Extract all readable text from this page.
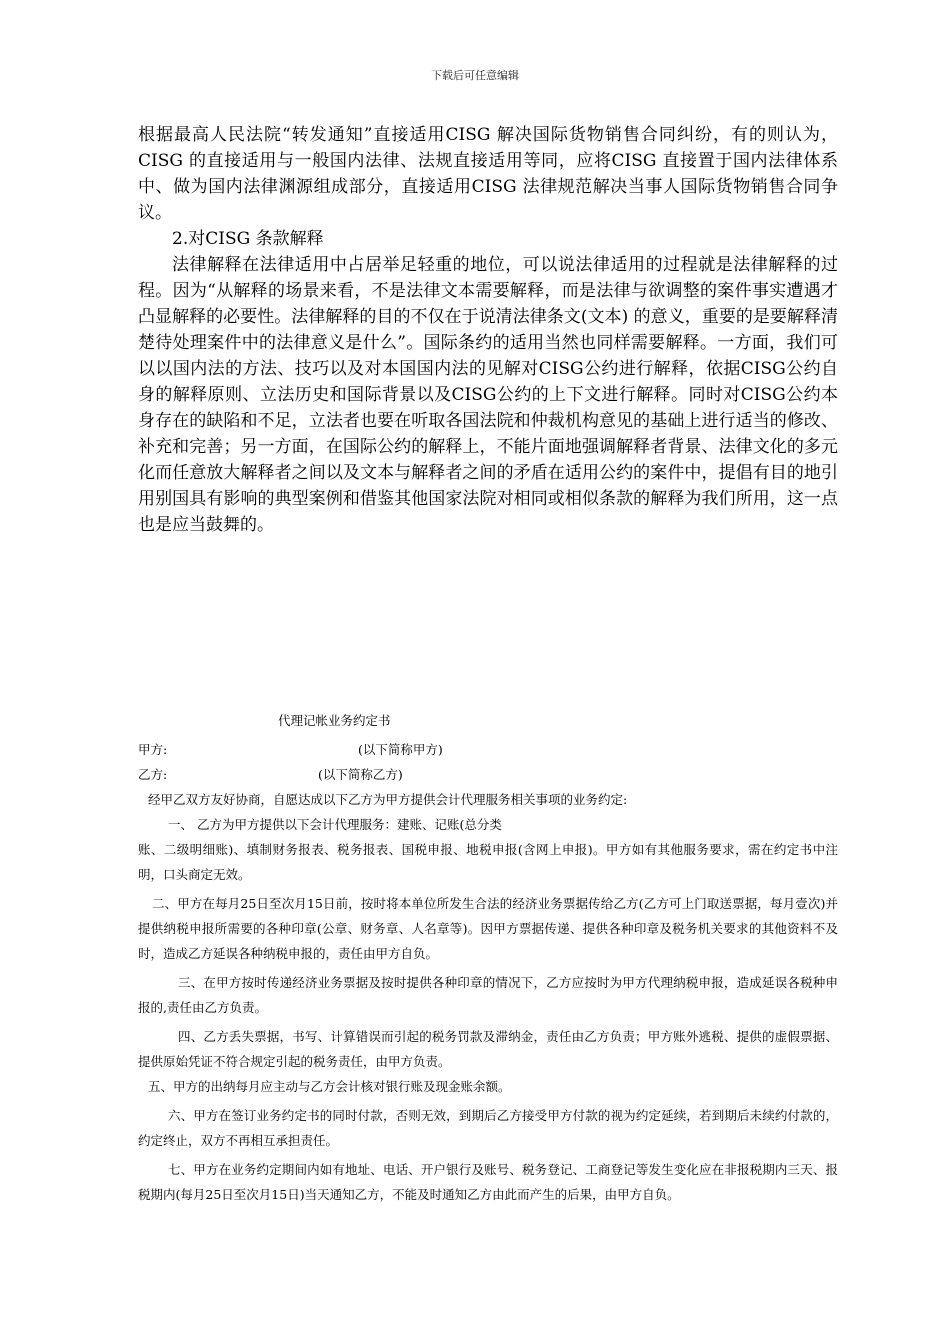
下载后可任意编辑

根据最高人民法院“转发通知”直接适用CISG 解决国际货物销售合同纠纷，有的则认为，CISG 的直接适用与一般国内法律、法规直接适用等同，应将CISG 直接置于国内法律体系中、做为国内法律渊源组成部分，直接适用CISG 法律规范解决当事人国际货物销售合同争议。

2.对CISG 条款解释

法律解释在法律适用中占居举足轻重的地位，可以说法律适用的过程就是法律解释的过程。因为“从解释的场景来看，不是法律文本需要解释，而是法律与欲调整的案件事实遭遇才凸显解释的必要性。法律解释的目的不仅在于说清法律条文(文本) 的意义，重要的是要解释清楚待处理案件中的法律意义是什么”。国际条约的适用当然也同样需要解释。一方面，我们可以以国内法的方法、技巧以及对本国国内法的见解对CISG公约进行解释，依据CISG公约自身的解释原则、立法历史和国际背景以及CISG公约的上下文进行解释。同时对CISG公约本身存在的缺陷和不足，立法者也要在听取各国法院和仲裁机构意见的基础上进行适当的修改、补充和完善；另一方面，在国际公约的解释上，不能片面地强调解释者背景、法律文化的多元化而任意放大解释者之间以及文本与解释者之间的矛盾在适用公约的案件中，提倡有目的地引用别国具有影响的典型案例和借鉴其他国家法院对相同或相似条款的解释为我们所用，这一点也是应当鼓舞的。

代理记帐业务约定书

甲方:	(以下简称甲方)

乙方:	(以下简称乙方)

经甲乙双方友好协商，自愿达成以下乙方为甲方提供会计代理服务相关事项的业务约定:

一、 乙方为甲方提供以下会计代理服务：建账、记账(总分类

账、二级明细账)、填制财务报表、税务报表、国税申报、地税申报(含网上申报)。甲方如有其他服务要求，需在约定书中注明，口头商定无效。

二、甲方在每月25日至次月15日前，按时将本单位所发生合法的经济业务票据传给乙方(乙方可上门取送票据，每月壹次)并提供纳税申报所需要的各种印章(公章、财务章、人名章等)。因甲方票据传递、提供各种印章及税务机关要求的其他资料不及时，造成乙方延误各种纳税申报的，责任由甲方自负。

三、在甲方按时传递经济业务票据及按时提供各种印章的情况下，乙方应按时为甲方代理纳税申报，造成延误各税种申报的,责任由乙方负责。

四、乙方丢失票据，书写、计算错误而引起的税务罚款及滞纳金，责任由乙方负责；甲方账外逃税、提供的虚假票据、提供原始凭证不符合规定引起的税务责任，由甲方负责。

五、甲方的出纳每月应主动与乙方会计核对银行账及现金账余额。

六、甲方在签订业务约定书的同时付款，否则无效，到期后乙方接受甲方付款的视为约定延续，若到期后未续约付款的，约定终止，双方不再相互承担责任。

七、甲方在业务约定期间内如有地址、电话、开户银行及账号、税务登记、工商登记等发生变化应在非报税期内三天、报税期内(每月25日至次月15日)当天通知乙方，不能及时通知乙方由此而产生的后果，由甲方自负。
